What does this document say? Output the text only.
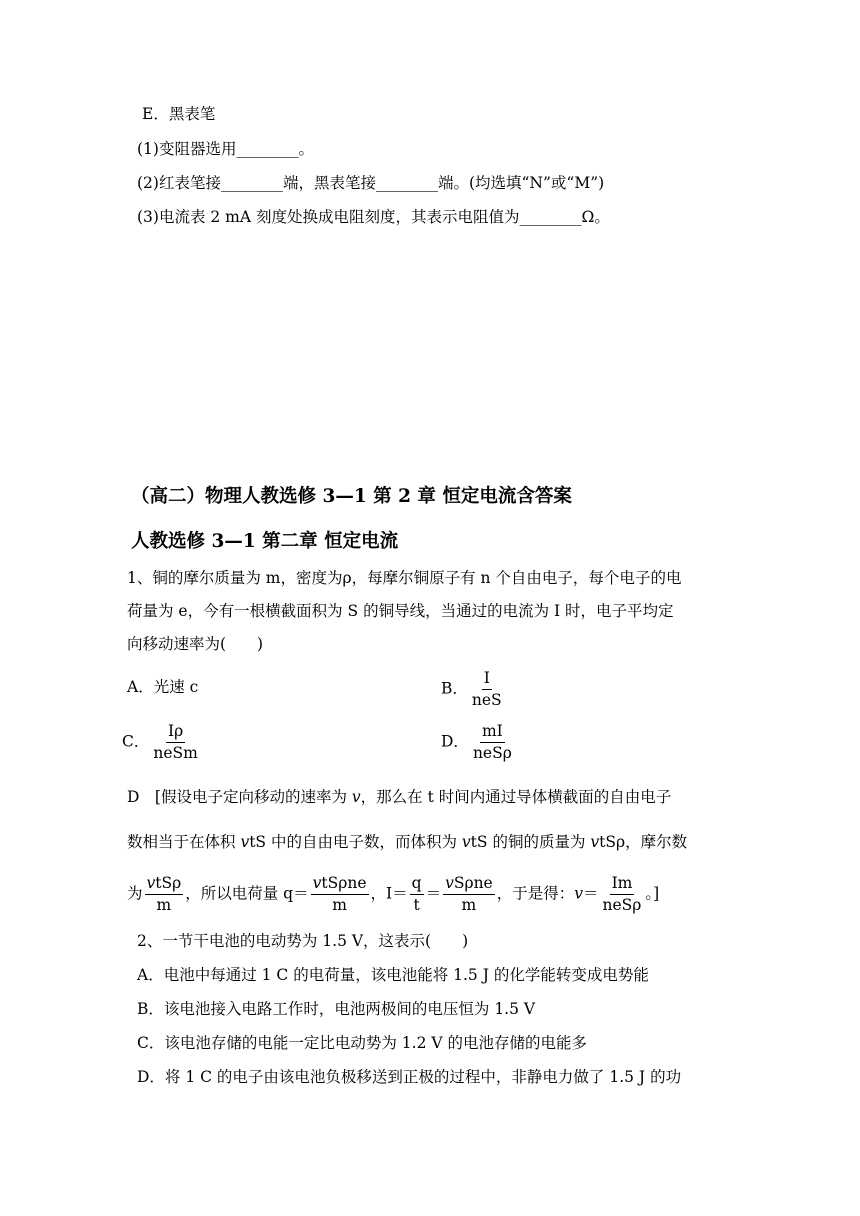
E．黑表笔
(1)变阻器选用________。
(2)红表笔接________端，黑表笔接________端。(均选填“N”或“M”)
(3)电流表 2 mA 刻度处换成电阻刻度，其表示电阻值为________Ω。
（高二）物理人教选修 3—1 第 2 章 恒定电流含答案
人教选修 3—1 第二章 恒定电流
1、铜的摩尔质量为 m，密度为ρ，每摩尔铜原子有 n 个自由电子，每个电子的电
荷量为 e，今有一根横截面积为 S 的铜导线，当通过的电流为 I 时，电子平均定
向移动速率为(　　)
A．光速 c	B． $\frac{I}{\text{neS}}$
C． $\frac{I\rho}{\text{neSm}}$	D． $\frac{mI}{\text{neSρ}}$
D　[假设电子定向移动的速率为 v，那么在 t 时间内通过导体横截面的自由电子
数相当于在体积 vtS 中的自由电子数，而体积为 vtS 的铜的质量为 vtSρ，摩尔数
为 $\frac{\text{vtSρ}}{m}$ ，所以电荷量 $q= \frac{\text{vtSρne}}{m}$ ，$I= \frac{q}{t} = \frac{\text{vSρne}}{m}$ ，于是得：$v= \frac{Im}{\text{neSρ}}$ 。]
2、一节干电池的电动势为 1.5 V，这表示(　　)
A．电池中每通过 1 C 的电荷量，该电池能将 1.5 J 的化学能转变成电势能
B．该电池接入电路工作时，电池两极间的电压恒为 1.5 V
C．该电池存储的电能一定比电动势为 1.2 V 的电池存储的电能多
D．将 1 C 的电子由该电池负极移送到正极的过程中，非静电力做了 1.5 J 的功
